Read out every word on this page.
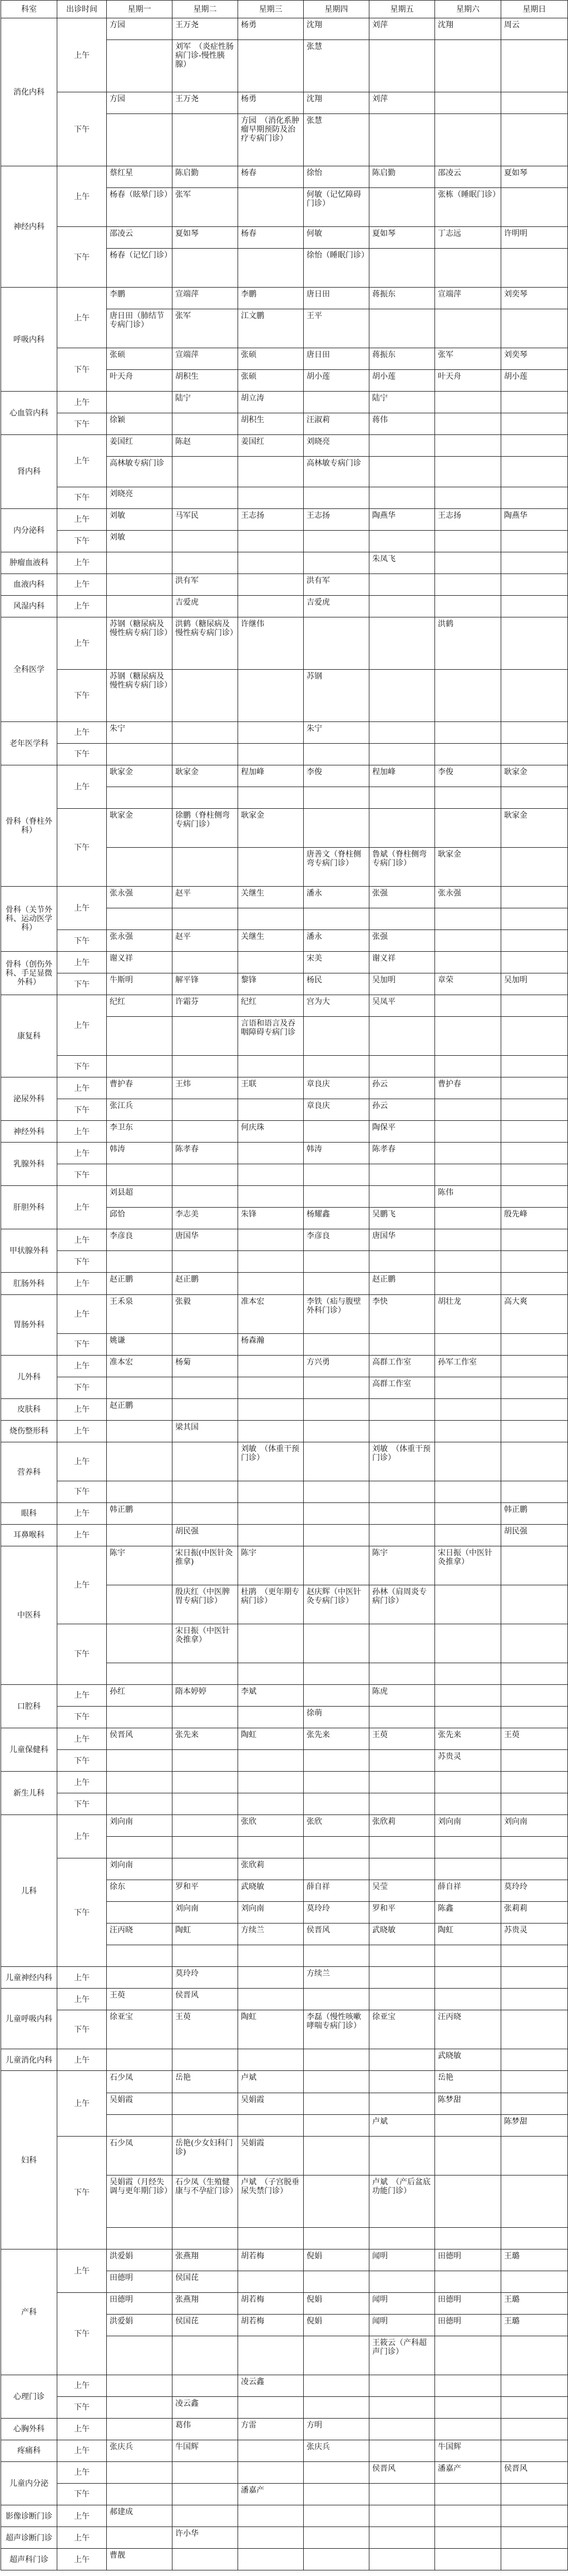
科室	出诊时间	星期一	星期二	星期三	星期四	星期五	星期六	星期日
消化内科	上午	方园	王万尧	杨勇	沈翔	刘萍	沈翔	周云
			刘军　（炎症性肠病门诊-慢性胰腺）		张慧			
	下午	方园	王万尧	杨勇	沈翔	刘萍		
				方园　（消化系肿瘤早期预防及治疗专病门诊）	张慧			
神经内科	上午	蔡红星	陈启勤	杨春	徐怡	陈启勤	邵凌云	夏如琴
		杨春（眩晕门诊）	张军		何敏（记忆障碍门诊）		张栋（睡眠门诊）	
	下午	邵凌云	夏如琴	杨春	何敏	夏如琴	丁志远	许明明
		杨春（记忆门诊）			徐怡（睡眠门诊）			
呼吸内科	上午	李鹏	宣端萍	李鹏	唐日田	蒋振东	宣端萍	刘奕琴
		唐日田（肺结节专病门诊）	张军	江文鹏	王平			
	下午	张硕	宣端萍	张硕	唐日田	蒋振东	张军	刘奕琴
		叶天舟	胡积生	张硕	胡小莲	胡小莲	叶天舟	胡小莲
心血管内科	上午		陆宁	胡立涛		陆宁		
	下午	徐颖		胡积生	汪淑莉	蒋伟		
肾内科	上午	姜国红	陈赵	姜国红	刘晓亮			
		高林敏专病门诊			高林敏专病门诊			
	下午	刘晓亮						
内分泌科	上午	刘敏	马军民	王志扬	王志扬	陶燕华	王志扬	陶燕华
	下午	刘敏						
肿瘤血液科	上午					朱凤飞		
血液内科	上午		洪有军		洪有军			
风湿内科	上午		吉爱虎		吉爱虎			
全科医学	上午	苏钢（糖尿病及慢性病专病门诊）	洪鹤（糖尿病及慢性病专病门诊）	许继伟			洪鹤	
	下午	苏钢（糖尿病及慢性病专病门诊）			苏钢			
老年医学科	上午	朱宁			朱宁			
	下午							
骨科（脊柱外科）	上午	耿家金	耿家金	程加峰	李俊	程加峰	李俊	耿家金

	下午	耿家金	徐鹏（脊柱侧弯专病门诊）	耿家金				耿家金
					唐善文（脊柱侧弯专病门诊）	鲁斌（脊柱侧弯专病门诊）	耿家金	
骨科（关节外科、运动医学科）	上午	张永强	赵平	关继生	潘永	张强	张永强	

	下午	张永强	赵平	关继生	潘永	张强		
骨科（创伤外科、手足显微外科）	上午	谢义祥			宋美	谢义祥		
	下午	牛斯明	解平锋	黎锋	杨民	吴加明	章荣	吴加明
康复科	上午	纪红	许霜芬	纪红	宫为大	吴凤平		
				言语和语言及吞咽障碍专病门诊				
	下午							
泌尿外科	上午	曹护春	王炜	王联	章良庆	孙云	曹护春	
	下午	张江兵			章良庆	孙云		
神经外科	上午	李卫东		何庆珠		陶保平		
乳腺外科	上午	韩涛	陈孝春		韩涛	陈孝春		
	下午							
肝胆外科	上午	刘县超					陈伟	
		邱恰	李志美	朱锋	杨耀鑫	吴鹏飞		殷先峰
甲状腺外科	上午	李彦良	唐国华		李彦良	唐国华		
	下午							
肛肠外科	上午	赵正鹏	赵正鹏			赵正鹏		
胃肠外科	上午	王禾泉	张毅	准本宏	李铁（疝与腹壁外科门诊）	李快	胡壮龙	高大爽
	下午	姚谦		杨森瀚				
儿外科	上午	准本宏	杨菊		方兴勇	高群工作室	孙军工作室	
	下午					高群工作室		
皮肤科	上午	赵正鹏						
烧伤整形科	上午		梁其国					
营养科	上午			刘敏　（体重干预门诊）		刘敏　（体重干预门诊）		
	下午							
眼科	上午	韩正鹏						韩正鹏
耳鼻喉科	上午		胡民强					胡民强
中医科	上午	陈宇	宋日振(中医针灸推拿)	陈宇		陈宇	宋日振（中医针灸推拿）	
			殷庆红（中医脾胃专病门诊）	杜鹃　（更年期专病门诊）	赵庆辉（中医针灸专病门诊）	孙林（肩周炎专病门诊）		
	下午		宋日振（中医针灸推拿）					

口腔科	上午	孙红	隋本婷婷	李斌		陈虎		
	下午				徐萌			
儿童保健科	上午	侯晋风	张先来	陶虹	张先来	王萸	张先来	王萸
	下午						苏贵灵	
新生儿科	上午							
	下午							
儿科	上午	刘向南		张欣	张欣	张欣莉	刘向南	刘向南

	下午	刘向南		张欣莉				
		徐东	罗和平	武晓敏	薛自祥	吴莹	薛自祥	莫玲玲
			刘向南	刘向南	莫玲玲	罗和平	陈鑫	张莉莉
		汪丙晓	陶虹	方续兰	侯晋风	武晓敏	陶虹	苏贵灵

儿童神经内科	上午		莫玲玲		方续兰			
儿童呼吸内科	上午	王萸	侯晋风					
	下午	徐亚宝	王萸	陶虹	李磊（慢性咳嗽哮喘专病门诊）	徐亚宝	汪丙晓	
儿童消化内科	上午						武晓敏	
妇科	上午	石少凤	岳艳	卢斌			岳艳	
		吴娟霞		吴娟霞			陈梦甜	
						卢斌		陈梦甜
	下午	石少凤	岳艳(少女妇科门诊)	吴娟霞				
		吴娟霞（月经失调与更年期门诊）	石少凤（生殖健康与不孕症门诊）	卢斌　（子宫脱垂尿失禁门诊）		卢斌　（产后盆底功能门诊）		

产科	上午	洪爱娟	张燕翔	胡若梅	倪娟	闻明	田德明	王璐
		田德明	侯国芘					
	下午	田德明	张燕翔	胡若梅	倪娟	闻明	田德明	王璐
		洪爱娟	侯国芘	胡若梅	倪娟	闻明	田德明	王璐
						王筱云（产科超声门诊）		
心理门诊	上午			凌云鑫				
	下午		凌云鑫					
心胸外科	上午		葛伟	方雷	方明			
疼痛科	上午	张庆兵	牛国辉		张庆兵		牛国辉	
儿童内分泌	上午					侯晋风	潘嘉产	侯晋风
	下午			潘嘉产				
影像诊断门诊	上午	郝建成						
超声诊断门诊	上午		许小华					
超声科门诊	上午	曹靓						
